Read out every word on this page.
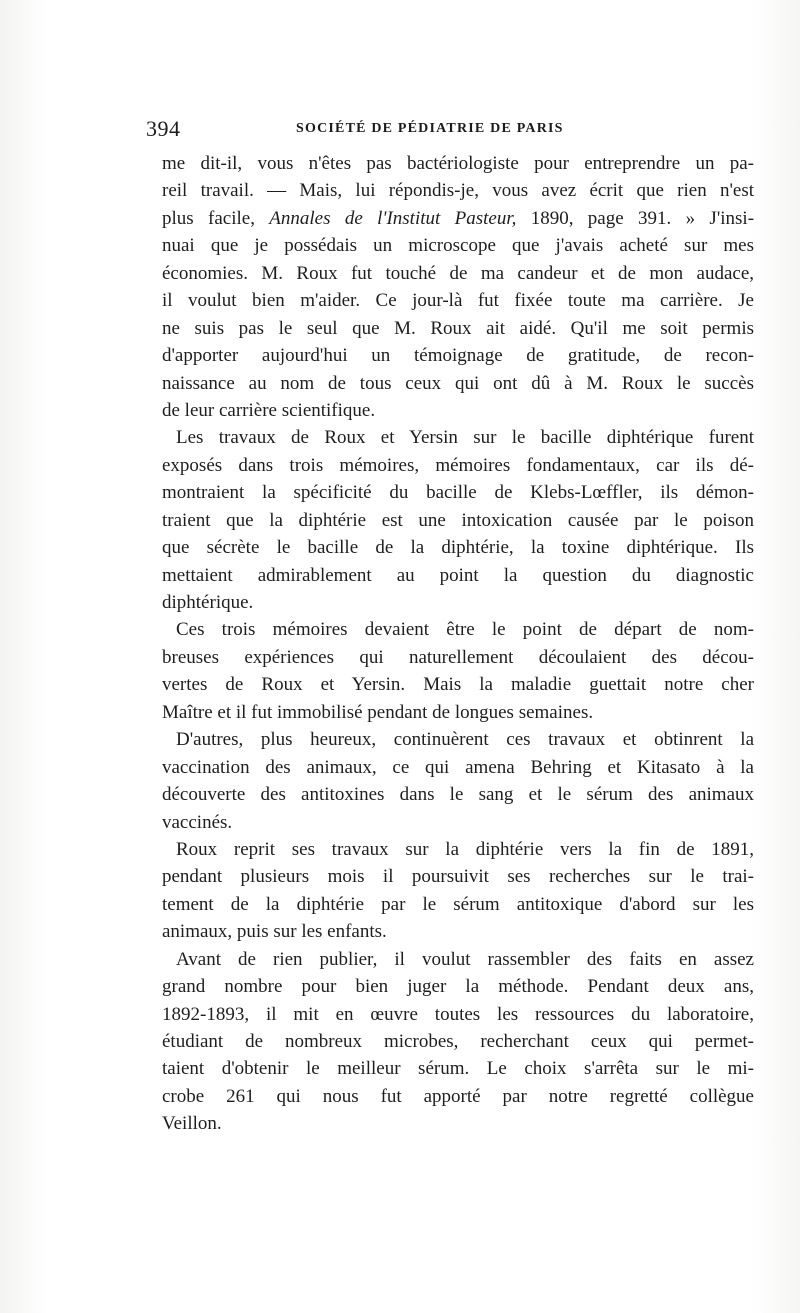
394	SOCIÉTÉ DE PÉDIATRIE DE PARIS
me dit-il, vous n'êtes pas bactériologiste pour entreprendre un pa-
reil travail. — Mais, lui répondis-je, vous avez écrit que rien n'est
plus facile, Annales de l'Institut Pasteur, 1890, page 391. » J'insi-
nuai que je possédais un microscope que j'avais acheté sur mes
économies. M. Roux fut touché de ma candeur et de mon audace,
il voulut bien m'aider. Ce jour-là fut fixée toute ma carrière. Je
ne suis pas le seul que M. Roux ait aidé. Qu'il me soit permis
d'apporter aujourd'hui un témoignage de gratitude, de recon-
naissance au nom de tous ceux qui ont dû à M. Roux le succès
de leur carrière scientifique.
Les travaux de Roux et Yersin sur le bacille diphtérique furent
exposés dans trois mémoires, mémoires fondamentaux, car ils dé-
montraient la spécificité du bacille de Klebs-Lœffler, ils démon-
traient que la diphtérie est une intoxication causée par le poison
que sécrète le bacille de la diphtérie, la toxine diphtérique. Ils
mettaient admirablement au point la question du diagnostic
diphtérique.
Ces trois mémoires devaient être le point de départ de nom-
breuses expériences qui naturellement découlaient des décou-
vertes de Roux et Yersin. Mais la maladie guettait notre cher
Maître et il fut immobilisé pendant de longues semaines.
D'autres, plus heureux, continuèrent ces travaux et obtinrent la
vaccination des animaux, ce qui amena Behring et Kitasato à la
découverte des antitoxines dans le sang et le sérum des animaux
vaccinés.
Roux reprit ses travaux sur la diphtérie vers la fin de 1891,
pendant plusieurs mois il poursuivit ses recherches sur le trai-
tement de la diphtérie par le sérum antitoxique d'abord sur les
animaux, puis sur les enfants.
Avant de rien publier, il voulut rassembler des faits en assez
grand nombre pour bien juger la méthode. Pendant deux ans,
1892-1893, il mit en œuvre toutes les ressources du laboratoire,
étudiant de nombreux microbes, recherchant ceux qui permet-
taient d'obtenir le meilleur sérum. Le choix s'arrêta sur le mi-
crobe 261 qui nous fut apporté par notre regretté collègue
Veillon.
